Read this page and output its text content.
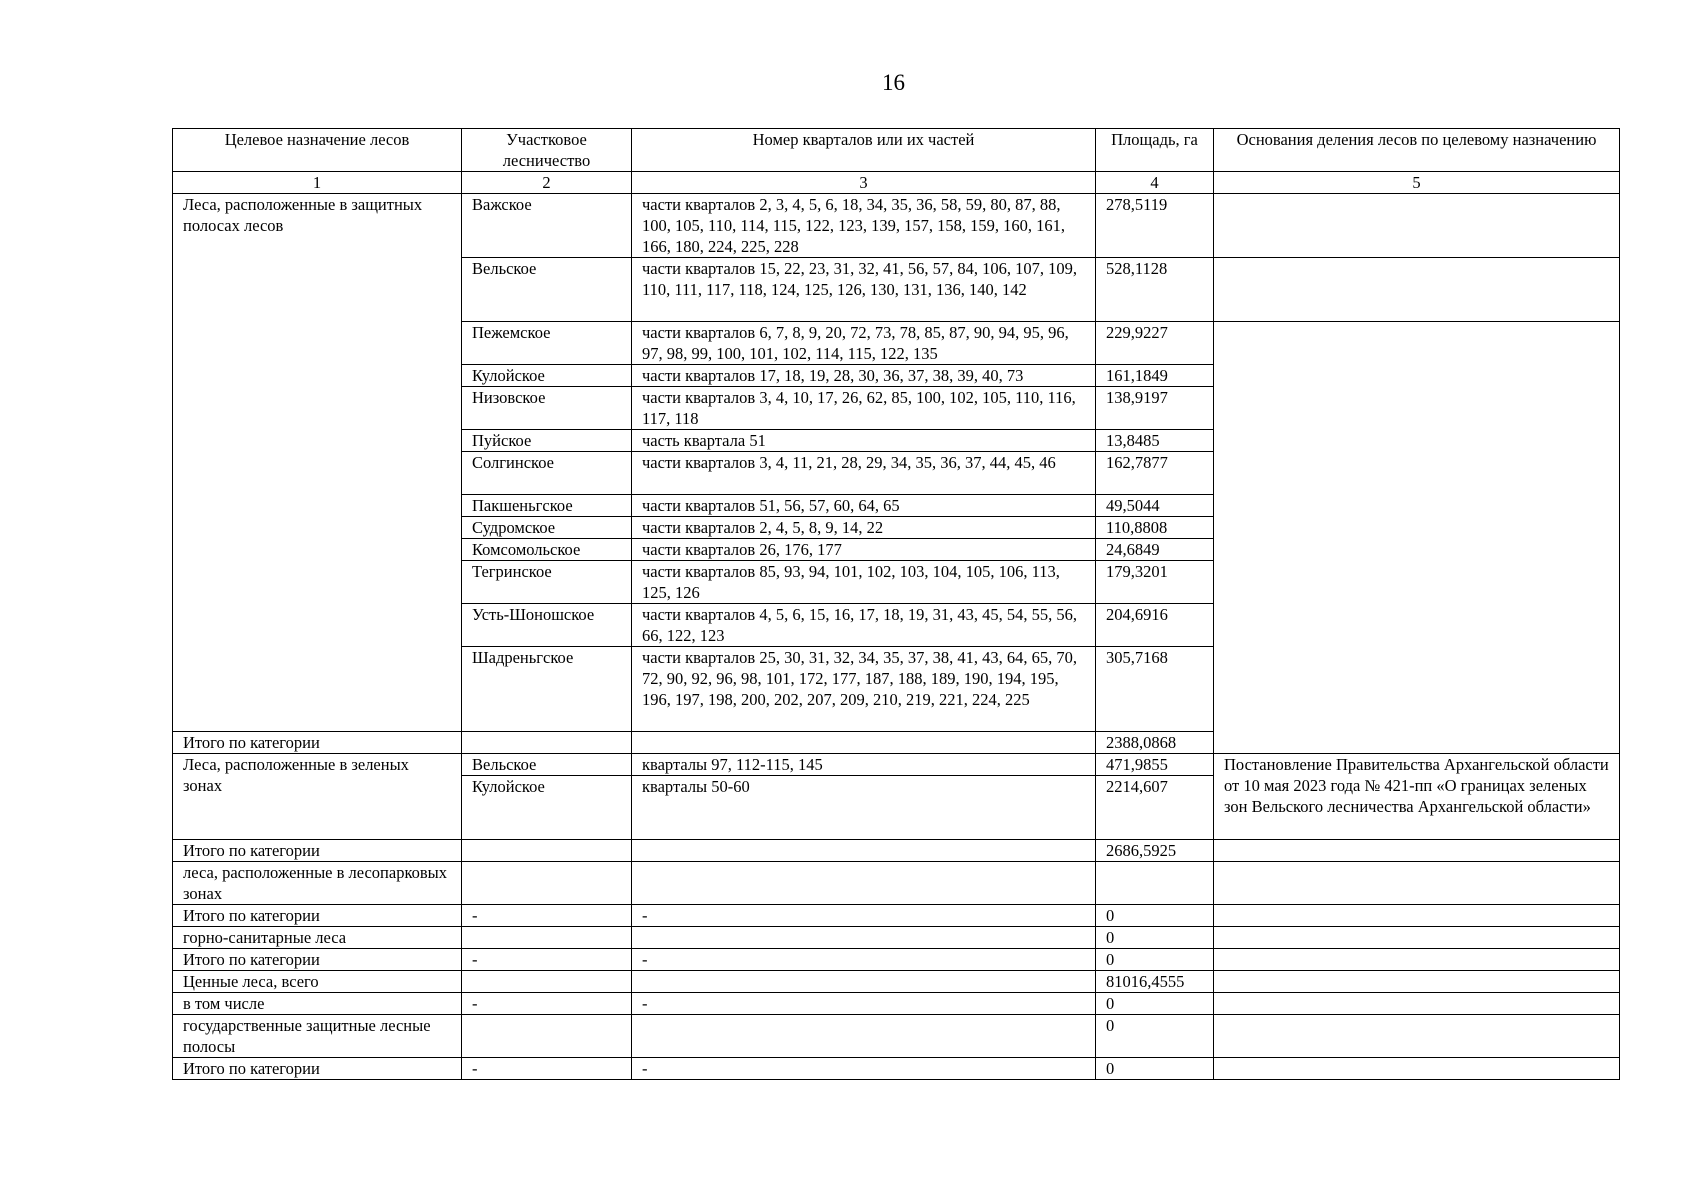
16
Целевое назначение лесов	Участковое лесничество	Номер кварталов или их частей	Площадь, га	Основания деления лесов по целевому назначению
1	2	3	4	5
Леса, расположенные в защитных полосах лесов	Важское	части кварталов 2, 3, 4, 5, 6, 18, 34, 35, 36, 58, 59, 80, 87, 88, 100, 105, 110, 114, 115, 122, 123, 139, 157, 158, 159, 160, 161, 166, 180, 224, 225, 228	278,5119	
	Вельское	части кварталов 15, 22, 23, 31, 32, 41, 56, 57, 84, 106, 107, 109, 110, 111, 117, 118, 124, 125, 126, 130, 131, 136, 140, 142	528,1128	
	Пежемское	части кварталов 6, 7, 8, 9, 20, 72, 73, 78, 85, 87, 90, 94, 95, 96, 97, 98, 99, 100, 101, 102, 114, 115, 122, 135	229,9227	
	Кулойское	части кварталов 17, 18, 19, 28, 30, 36, 37, 38, 39, 40, 73	161,1849	
	Низовское	части кварталов 3, 4, 10, 17, 26, 62, 85, 100, 102, 105, 110, 116, 117, 118	138,9197	
	Пуйское	часть квартала 51	13,8485	
	Солгинское	части кварталов 3, 4, 11, 21, 28, 29, 34, 35, 36, 37, 44, 45, 46	162,7877	
	Пакшеньгское	части кварталов 51, 56, 57, 60, 64, 65	49,5044	
	Судромское	части кварталов 2, 4, 5, 8, 9, 14, 22	110,8808	
	Комсомольское	части кварталов 26, 176, 177	24,6849	
	Тегринское	части кварталов 85, 93, 94, 101, 102, 103, 104, 105, 106, 113, 125, 126	179,3201	
	Усть-Шоношское	части кварталов 4, 5, 6, 15, 16, 17, 18, 19, 31, 43, 45, 54, 55, 56, 66, 122, 123	204,6916	
	Шадреньгское	части кварталов 25, 30, 31, 32, 34, 35, 37, 38, 41, 43, 64, 65, 70, 72, 90, 92, 96, 98, 101, 172, 177, 187, 188, 189, 190, 194, 195, 196, 197, 198, 200, 202, 207, 209, 210, 219, 221, 224, 225	305,7168	
Итого по категории			2388,0868	
Леса, расположенные в зеленых зонах	Вельское	кварталы 97, 112-115, 145	471,9855	Постановление Правительства Архангельской области от 10 мая 2023 года № 421-пп «О границах зеленых зон Вельского лесничества Архангельской области»
	Кулойское	кварталы 50-60	2214,607	
Итого по категории			2686,5925	
леса, расположенные в лесопарковых зонах				
Итого по категории	-	-	0	
горно-санитарные леса			0	
Итого по категории	-	-	0	
Ценные леса, всего			81016,4555	
в том числе	-	-	0	
государственные защитные лесные полосы			0	
Итого по категории	-	-	0	
